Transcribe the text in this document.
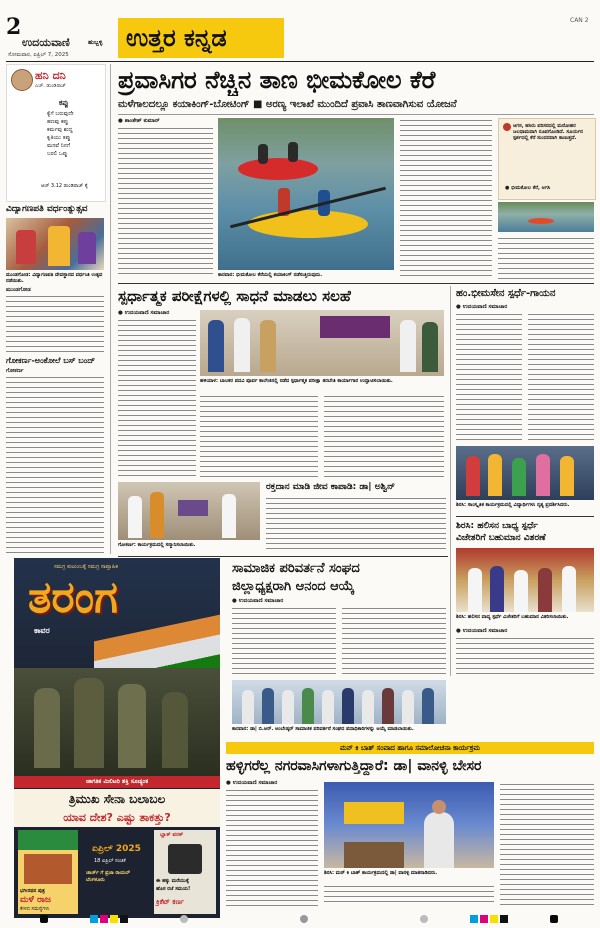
2
ಉದಯವಾಣಿ	ಹುಬ್ಬಳ್ಳಿ
ಸೋಮವಾರ, ಏಪ್ರಿಲ್ 7, 2025
ಉತ್ತರ ಕನ್ನಡ
CAN 2
ಹನಿ ದನಿ
ಎಚ್. ಡುಂಡಿರಾಜ್
ಕಪ್ಪು
ಕ್ಯೆಗೆ ಬರುವುದೇ
ಹಣವು ಕಪ್ಪು
ಕರ್ಮವು ಶುದ್ಧ
ಕೃತಿಯು ತಪ್ಪು
ಮನವೆ ನಿನಗೆ
ಬರಲಿ ಒಪ್ಪು
ಆಚ್ 3.12 ಡುಂಡಿರಾಜ್ ಕೈ
ವಿದ್ಯಾಗಣಪತಿ ವರ್ಧಂತ್ಯುತ್ಸವ
ಮುಂಡಗೋಡ: ವಿದ್ಯಾಗಣಪತಿ ದೇವಸ್ಥಾನದ ವರ್ಧಂತಿ ಉತ್ಸವ ನಡೆಯಿತು.
ಮುಂಡಗೋಡ
ಗೋಕರ್ಣ-ಅಂಕೋಲೆ ಬಸ್ ಬಂದ್
ಗೋಕರ್ಣ
ಸಮಗ್ರ ಕುಟುಂಬಕ್ಕೆ ಸಮಗ್ರ ಸಾಪ್ತಾಹಿಕ
ತರಂಗ
ಕಾವರ
ಜಾಗತಿಕ ಮಿಲಿಟರಿ ಶಕ್ತಿ ಸೂಚ್ಯಂಕ
ತ್ರಿಮುಖ ಸೇನಾ ಬಲಾಬಲ
ಯಾವ ದೇಶ? ಎಷ್ಟು ತಾಕತ್ತು?
ಭಗೀರಥನ ಪುತ್ರ
ಮಳೆ ರಾಜ
ಕೇಳದ ಸಮಸ್ಯೆಗಳು
ಏಪ್ರಿಲ್ 2025
18 ಏಪ್ರಿಲ್ ಸಂಚಿಕೆ
ಜಾರ್ಜ್ ಗೆ ಪ್ರಜಾ ರಾಯಲ್ ಬೆಂಗಳೂರು
ಬ್ಲಾಕ್ ವರಕ್
ಈ ಹಕ್ಕು ಮರೆಯುಕ್ಕೆ
ಹೊಸ ರಜೆ ಸಮಯ!
ಕ್ರಿಕೆಟ್ ಕರ್ಣ
ಪ್ರವಾಸಿಗರ ನೆಚ್ಚಿನ ತಾಣ ಭೀಮಕೋಲ ಕೆರೆ
ಮಳೆಗಾಲದಲ್ಲೂ ಕಯಾಕಿಂಗ್-ಬೋಟಿಂಗ್ ■ ಅರಣ್ಯ ಇಲಾಖೆ ಮುಂದಿದೆ ಪ್ರವಾಸಿ ತಾಣವಾಗಿಸುವ ಯೋಜನೆ
● ಶಾಂತೇಶ್ ಕುಮಾರ್
ಕಾರವಾರ: ಭೀಮಕೋಲ ಕೆರೆಯಲ್ಲಿ ಕಯಾಕಿಂಗ್ ನಡೆಸುತ್ತಿರುವುದು.
ಆಗಸ, ಹಸಿರು ಪರಿಸರದಲ್ಲಿ ಮನೋಹರ ಜಲಧಾಮವಾಗಿ ರೂಪಗೊಂಡಿದೆ. ಸೂರ್ಯನ ಸ್ಪರ್ಶದಲ್ಲಿ ಕೆರೆ ಸುಂದರವಾಗಿ ಕಾಣುತ್ತದೆ.
● ಭೀಮಕೋಲ ಕೆರೆ, ಅಗಸಿ
ಸ್ಪರ್ಧಾತ್ಮಕ ಪರೀಕ್ಷೆಗಳಲ್ಲಿ ಸಾಧನೆ ಮಾಡಲು ಸಲಹೆ
● ಉದಯವಾಣಿ ಸಮಾಚಾರ
ಹಳಿಯಾಳ: ಬಾಲಕರ ಪದವಿ ಪೂರ್ವ ಕಾಲೇಜಿನಲ್ಲಿ ನಡೆದ ಸ್ಪರ್ಧಾತ್ಮಕ ಪರೀಕ್ಷಾ ತರಬೇತಿ ಕಾರ್ಯಾಗಾರ ಉದ್ಘಾಟಿಸಲಾಯಿತು.
ಗೋಕರ್ಣ: ಕಾರ್ಯಕ್ರಮದಲ್ಲಿ ಸನ್ಮಾನಿಸಲಾಯಿತು.
ರಕ್ತದಾನ ಮಾಡಿ ಜೀವ ಕಾಪಾಡಿ: ಡಾ| ಅಶ್ವಿನ್
ಹಂ.ಭೀಮಸೇನ ಸ್ಪರ್ಧೆ-ಗಾಯನ
● ಉದಯವಾಣಿ ಸಮಾಚಾರ
ಶಿರಸಿ: ಸಾಂಸ್ಕೃತಿಕ ಕಾರ್ಯಕ್ರಮದಲ್ಲಿ ವಿದ್ಯಾರ್ಥಿಗಳು ನೃತ್ಯ ಪ್ರದರ್ಶಿಸಿದರು.
ಶಿರಸಿ: ಹಲಿಸನ ಬಾಧ್ಯ ಸ್ಪರ್ಧೆ
ವಿಜೇತರಿಗೆ ಬಹುಮಾನ ವಿತರಣೆ
ಶಿರಸಿ: ಹಲಿಸನ ವಾದ್ಯ ಸ್ಪರ್ಧೆ ವಿಜೇತರಿಗೆ ಬಹುಮಾನ ವಿತರಿಸಲಾಯಿತು.
● ಉದಯವಾಣಿ ಸಮಾಚಾರ
ಸಾಮಾಜಿಕ ಪರಿವರ್ತನೆ ಸಂಘದ
ಜಿಲ್ಲಾಧ್ಯಕ್ಷರಾಗಿ ಆನಂದ ಆಯ್ಕೆ
● ಉದಯವಾಣಿ ಸಮಾಚಾರ
ಕಾರವಾರ: ಡಾ| ಬಿ.ಆರ್. ಅಂಬೇಡ್ಕರ್ ಸಾಮಾಜಿಕ ಪರಿವರ್ತನೆ ಸಂಘದ ಪದಾಧಿಕಾರಿಗಳನ್ನು ಆಯ್ಕೆ ಮಾಡಲಾಯಿತು.
ಮನ್ ಕಿ ಬಾತ್ ಸಂವಾದ ಹಾಗೂ ಸಮಾಲೋಚನಾ ಕಾರ್ಯಕ್ರಮ
ಹಳ್ಳಿಗರೆಲ್ಲ ನಗರವಾಸಿಗಳಾಗುತ್ತಿದ್ದಾರೆ: ಡಾ| ವಾನಳ್ಳಿ ಬೇಸರ
● ಉದಯವಾಣಿ ಸಮಾಚಾರ
ಶಿರಸಿ: ಮನ್ ಕಿ ಬಾತ್ ಕಾರ್ಯಕ್ರಮದಲ್ಲಿ ಡಾ| ವಾನಳ್ಳಿ ಮಾತನಾಡಿದರು.
